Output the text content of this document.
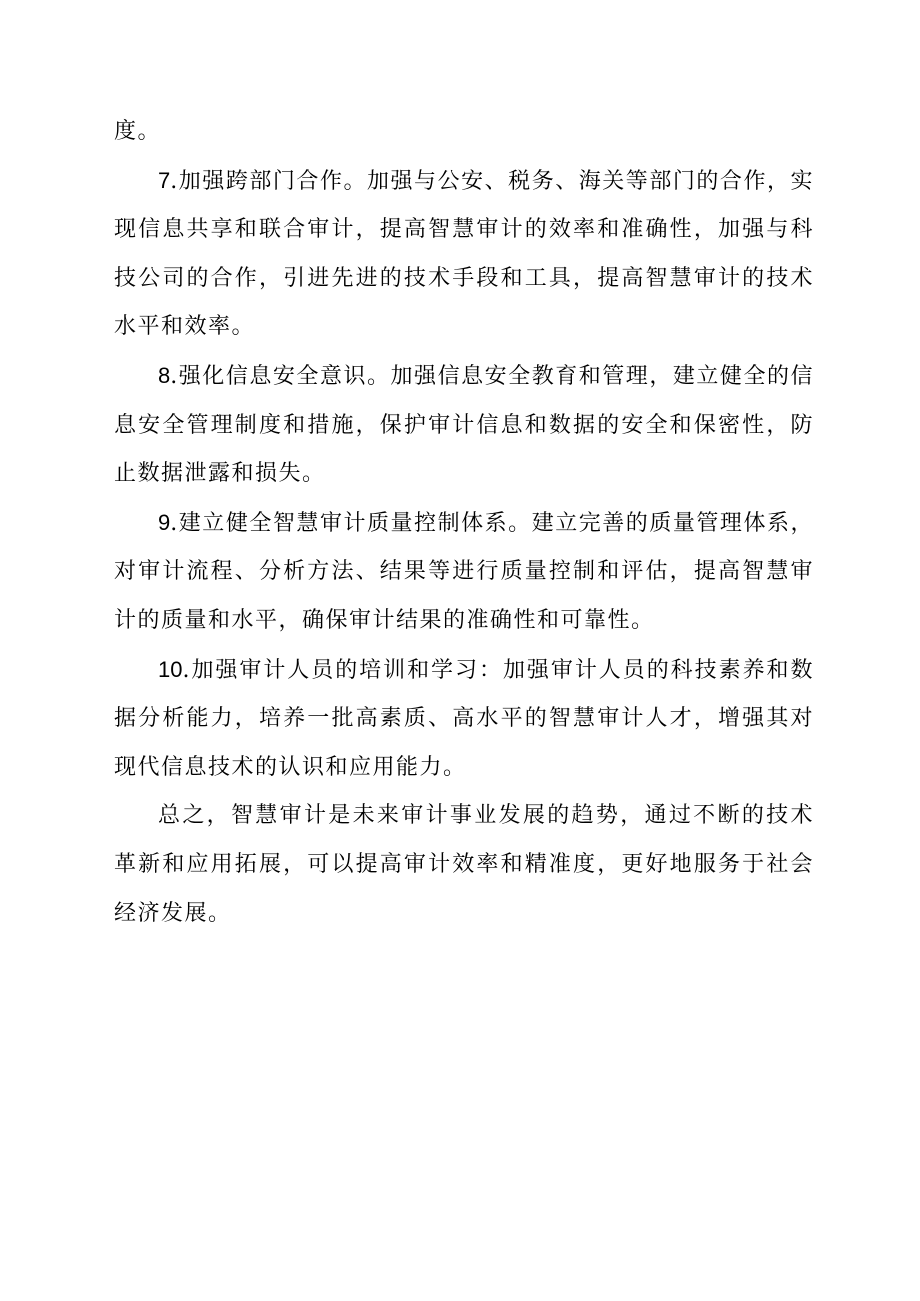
度。

7.加强跨部门合作。加强与公安、税务、海关等部门的合作，实现信息共享和联合审计，提高智慧审计的效率和准确性，加强与科技公司的合作，引进先进的技术手段和工具，提高智慧审计的技术水平和效率。

8.强化信息安全意识。加强信息安全教育和管理，建立健全的信息安全管理制度和措施，保护审计信息和数据的安全和保密性，防止数据泄露和损失。

9.建立健全智慧审计质量控制体系。建立完善的质量管理体系，对审计流程、分析方法、结果等进行质量控制和评估，提高智慧审计的质量和水平，确保审计结果的准确性和可靠性。

10.加强审计人员的培训和学习：加强审计人员的科技素养和数据分析能力，培养一批高素质、高水平的智慧审计人才，增强其对现代信息技术的认识和应用能力。

总之，智慧审计是未来审计事业发展的趋势，通过不断的技术革新和应用拓展，可以提高审计效率和精准度，更好地服务于社会经济发展。
